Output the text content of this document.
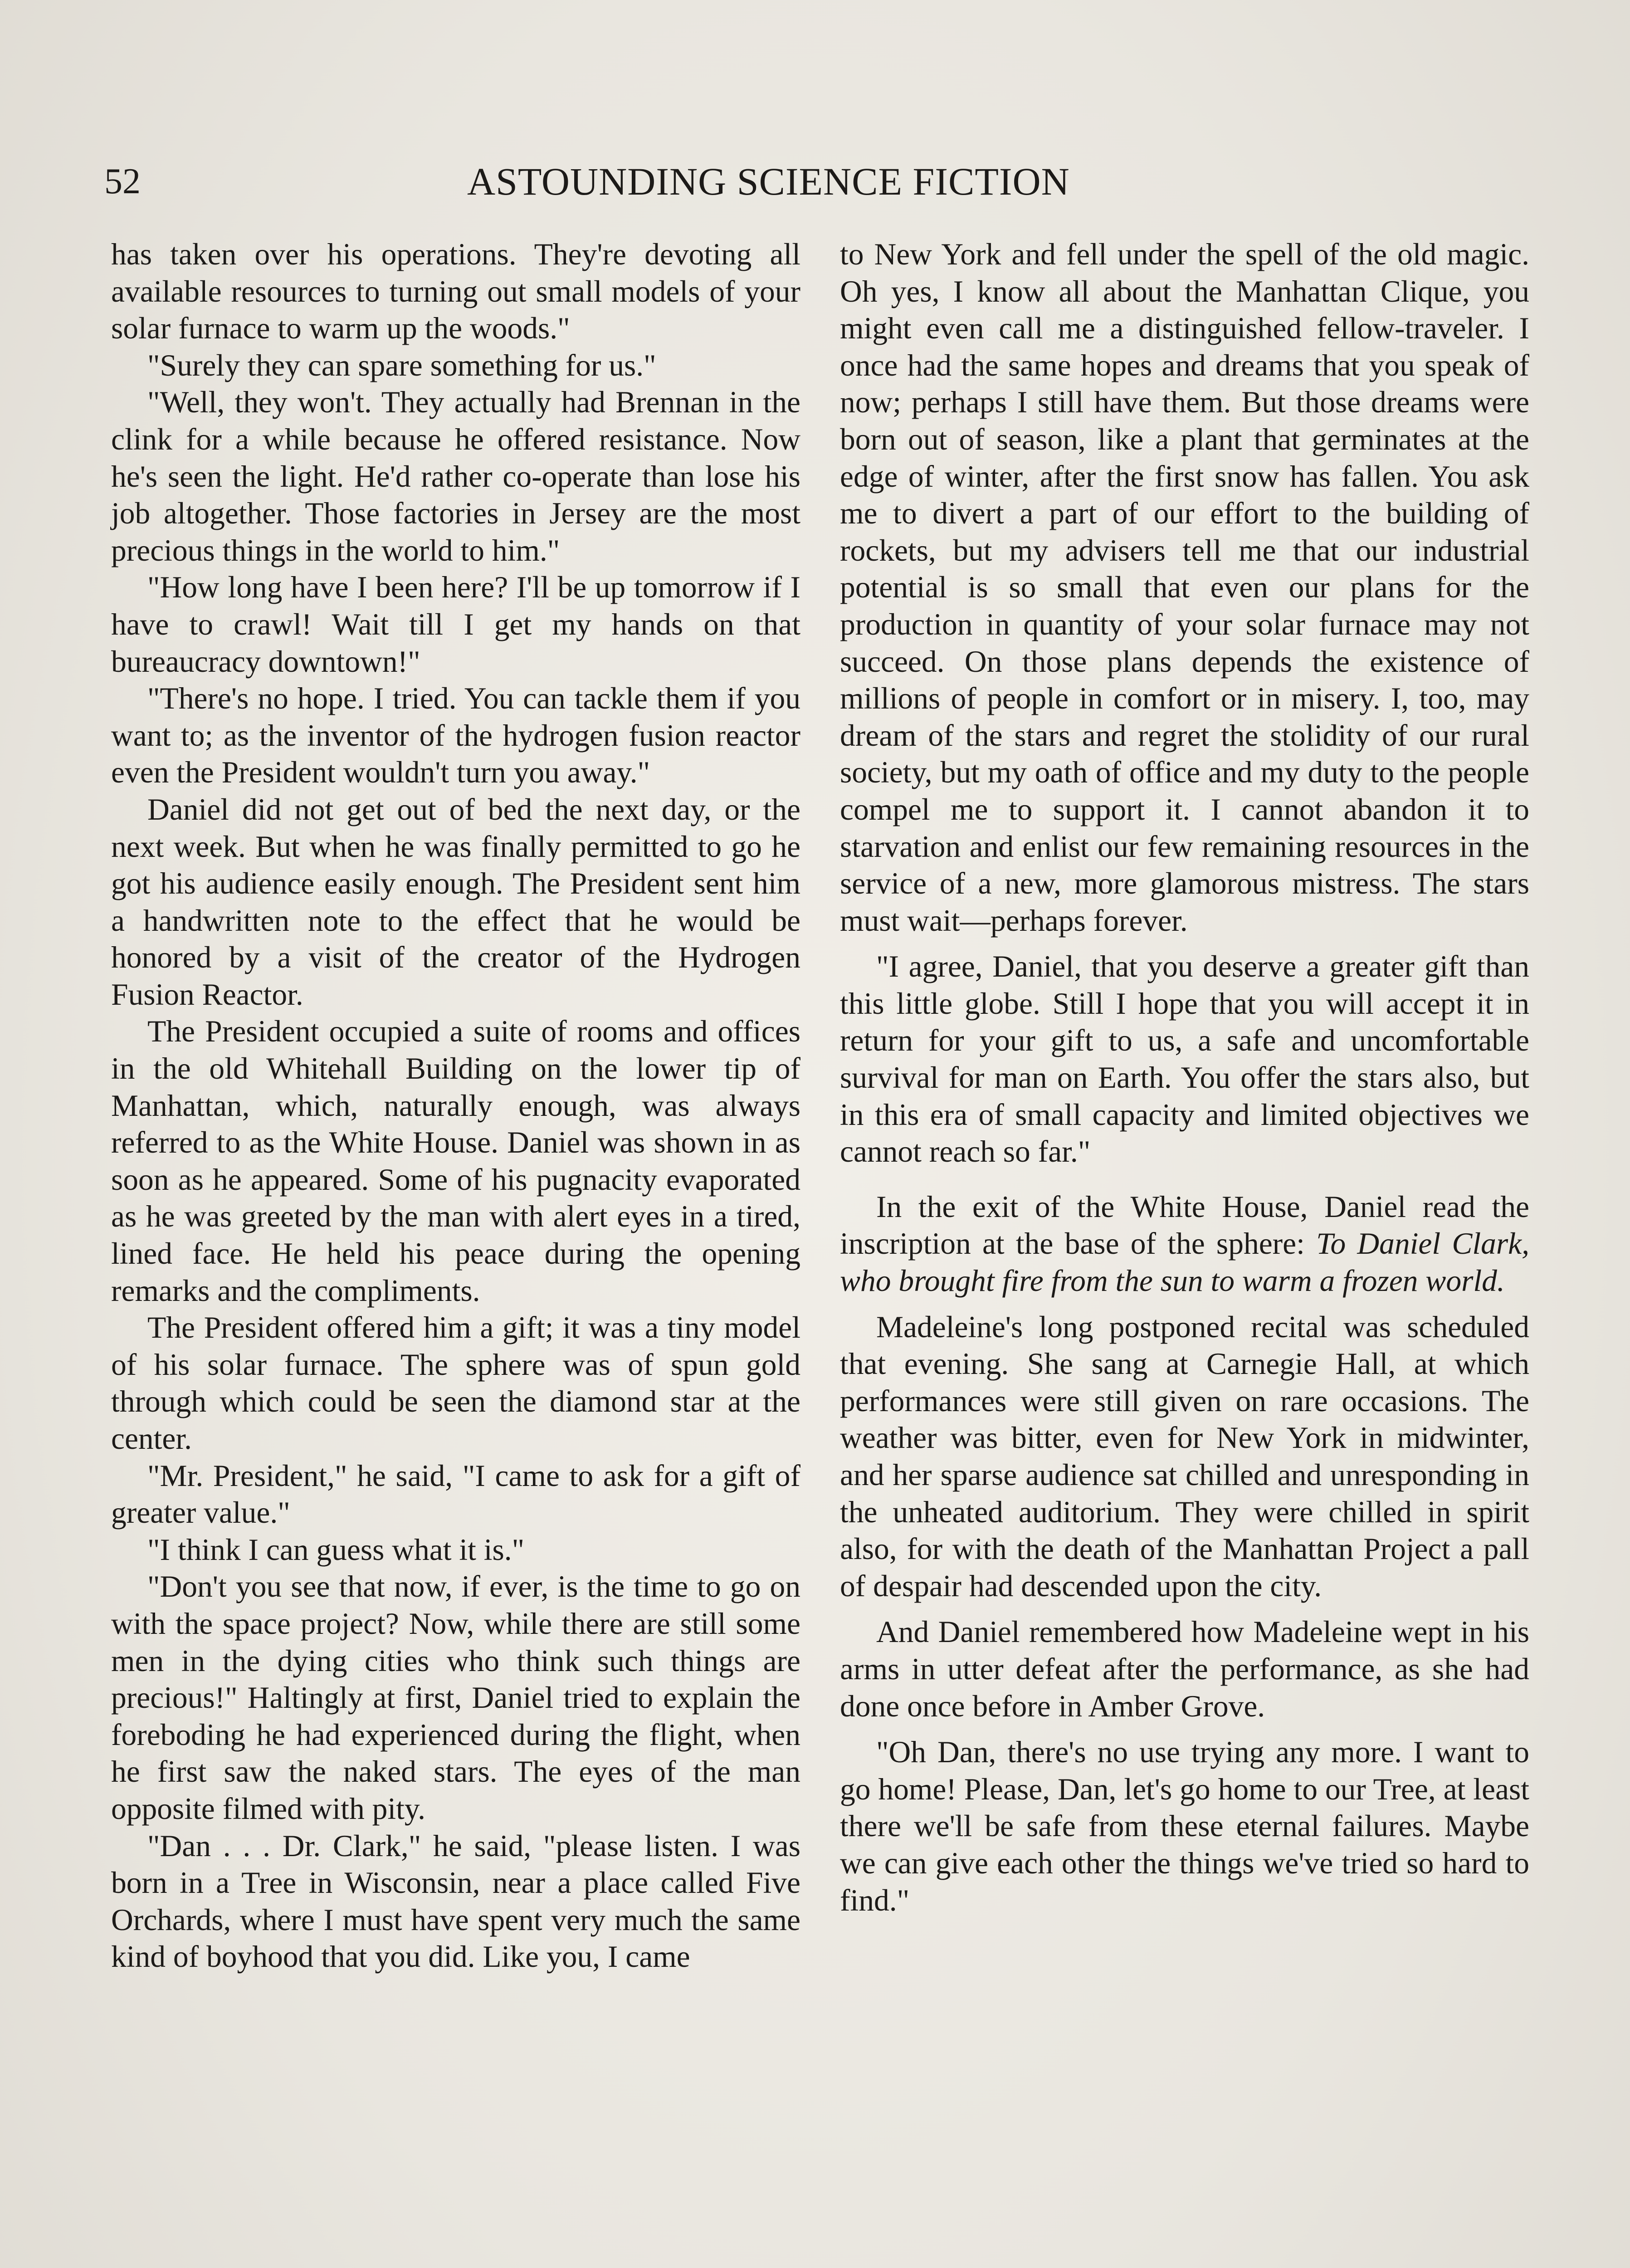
52	ASTOUNDING SCIENCE FICTION

has taken over his operations. They're devoting all available resources to turning out small models of your solar furnace to warm up the woods."

"Surely they can spare something for us."

"Well, they won't. They actually had Brennan in the clink for a while because he offered resistance. Now he's seen the light. He'd rather co-operate than lose his job altogether. Those factories in Jersey are the most precious things in the world to him."

"How long have I been here? I'll be up tomorrow if I have to crawl! Wait till I get my hands on that bureaucracy downtown!"

"There's no hope. I tried. You can tackle them if you want to; as the inventor of the hydrogen fusion reactor even the President wouldn't turn you away."

Daniel did not get out of bed the next day, or the next week. But when he was finally permitted to go he got his audience easily enough. The President sent him a handwritten note to the effect that he would be honored by a visit of the creator of the Hydrogen Fusion Reactor.

The President occupied a suite of rooms and offices in the old Whitehall Building on the lower tip of Manhattan, which, naturally enough, was always referred to as the White House. Daniel was shown in as soon as he appeared. Some of his pugnacity evaporated as he was greeted by the man with alert eyes in a tired, lined face. He held his peace during the opening remarks and the compliments.

The President offered him a gift; it was a tiny model of his solar furnace. The sphere was of spun gold through which could be seen the diamond star at the center.

"Mr. President," he said, "I came to ask for a gift of greater value."

"I think I can guess what it is."

"Don't you see that now, if ever, is the time to go on with the space project? Now, while there are still some men in the dying cities who think such things are precious!" Haltingly at first, Daniel tried to explain the foreboding he had experienced during the flight, when he first saw the naked stars. The eyes of the man opposite filmed with pity.

"Dan . . . Dr. Clark," he said, "please listen. I was born in a Tree in Wisconsin, near a place called Five Orchards, where I must have spent very much the same kind of boyhood that you did. Like you, I came

to New York and fell under the spell of the old magic. Oh yes, I know all about the Manhattan Clique, you might even call me a distinguished fellow-traveler. I once had the same hopes and dreams that you speak of now; perhaps I still have them. But those dreams were born out of season, like a plant that germinates at the edge of winter, after the first snow has fallen. You ask me to divert a part of our effort to the building of rockets, but my advisers tell me that our industrial potential is so small that even our plans for the production in quantity of your solar furnace may not succeed. On those plans depends the existence of millions of people in comfort or in misery. I, too, may dream of the stars and regret the stolidity of our rural society, but my oath of office and my duty to the people compel me to support it. I cannot abandon it to starvation and enlist our few remaining resources in the service of a new, more glamorous mistress. The stars must wait—perhaps forever.

"I agree, Daniel, that you deserve a greater gift than this little globe. Still I hope that you will accept it in return for your gift to us, a safe and uncomfortable survival for man on Earth. You offer the stars also, but in this era of small capacity and limited objectives we cannot reach so far."

In the exit of the White House, Daniel read the inscription at the base of the sphere: To Daniel Clark, who brought fire from the sun to warm a frozen world.

Madeleine's long postponed recital was scheduled that evening. She sang at Carnegie Hall, at which performances were still given on rare occasions. The weather was bitter, even for New York in midwinter, and her sparse audience sat chilled and unresponding in the unheated auditorium. They were chilled in spirit also, for with the death of the Manhattan Project a pall of despair had descended upon the city.

And Daniel remembered how Madeleine wept in his arms in utter defeat after the performance, as she had done once before in Amber Grove.

"Oh Dan, there's no use trying any more. I want to go home! Please, Dan, let's go home to our Tree, at least there we'll be safe from these eternal failures. Maybe we can give each other the things we've tried so hard to find."
